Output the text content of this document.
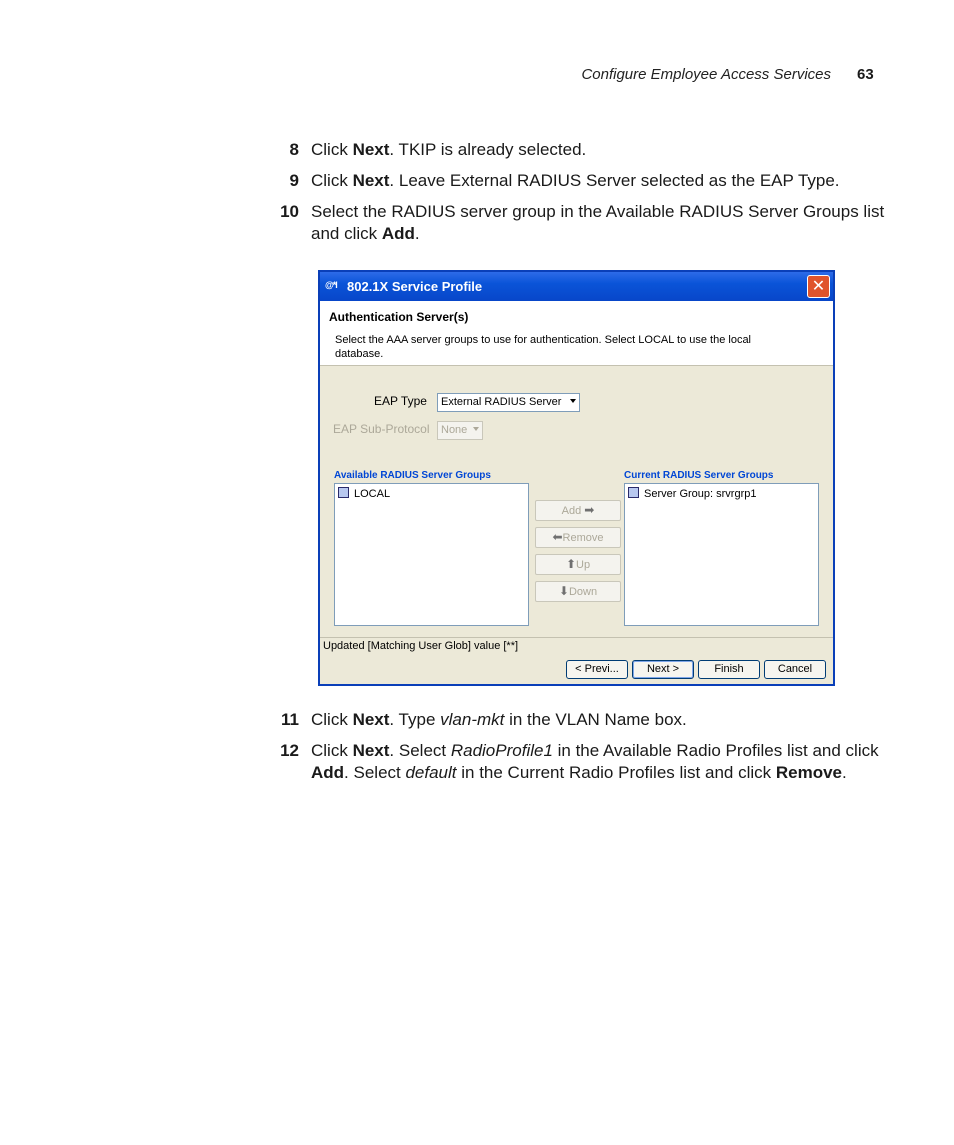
Configure Employee Access Services 63
8 Click Next. TKIP is already selected.
9 Click Next. Leave External RADIUS Server selected as the EAP Type.
10 Select the RADIUS server group in the Available RADIUS Server Groups list and click Add.
@*l 802.1X Service Profile	✕
Authentication Server(s)
Select the AAA server groups to use for authentication. Select LOCAL to use the local database.
EAP Type	External RADIUS Server
EAP Sub-Protocol	None
Available RADIUS Server Groups
LOCAL
Current RADIUS Server Groups
Server Group: srvrgrp1
Add ➡
⬅Remove
⬆Up
⬇Down
Updated [Matching User Glob] value [**]
< Previ...	Next >	Finish	Cancel
11 Click Next. Type vlan-mkt in the VLAN Name box.
12 Click Next. Select RadioProfile1 in the Available Radio Profiles list and click Add. Select default in the Current Radio Profiles list and click Remove.
